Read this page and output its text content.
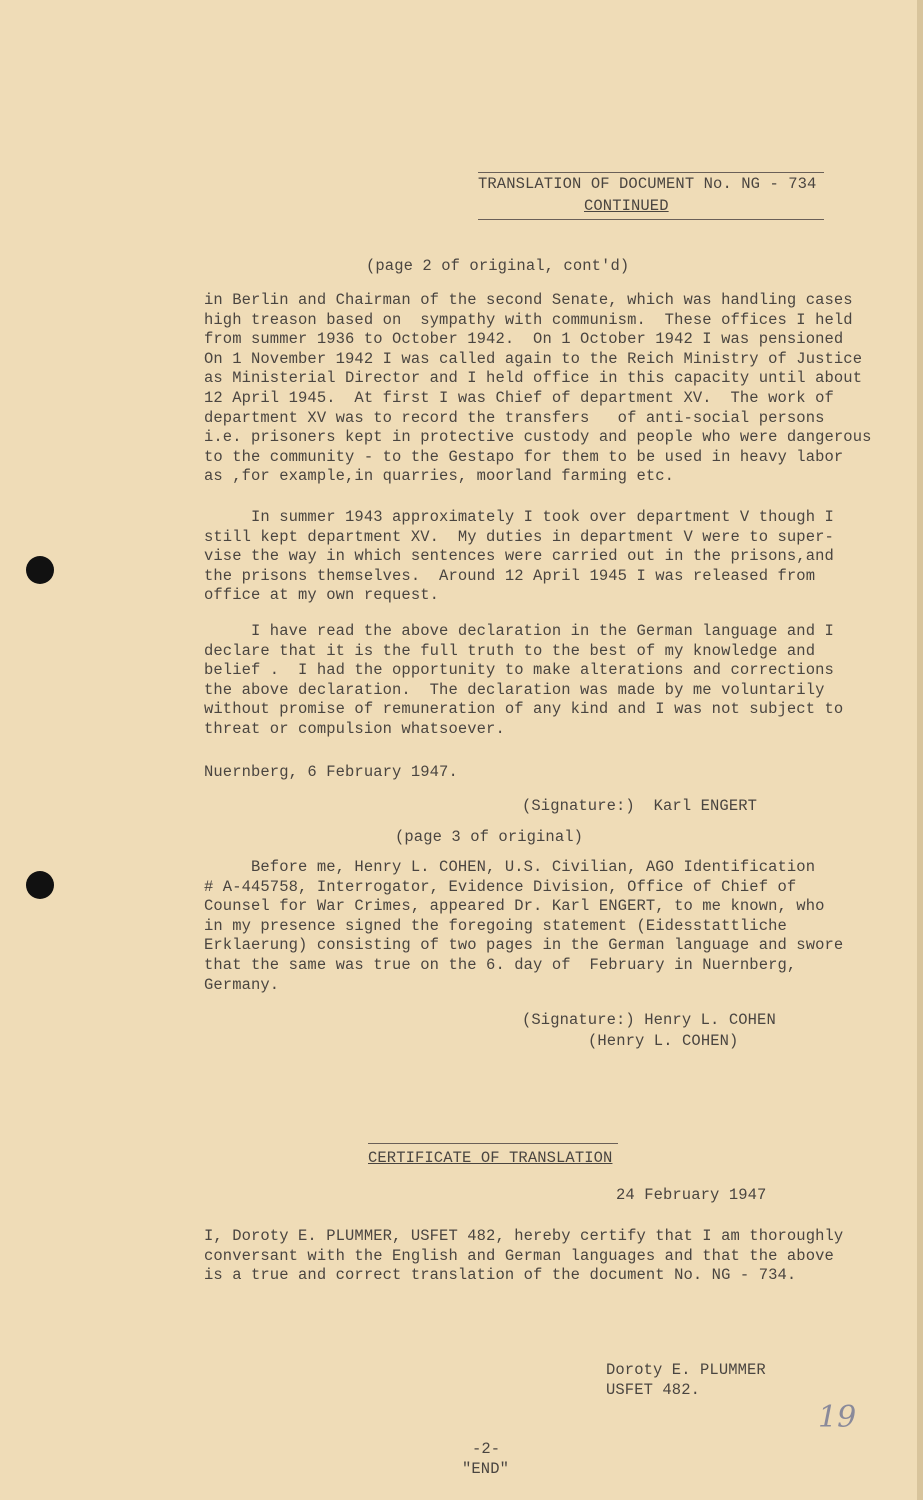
TRANSLATION OF DOCUMENT No. NG - 734
CONTINUED
(page 2 of original, cont'd)
in Berlin and Chairman of the second Senate, which was handling cases
high treason based on  sympathy with communism.  These offices I held
from summer 1936 to October 1942.  On 1 October 1942 I was pensioned
On 1 November 1942 I was called again to the Reich Ministry of Justice
as Ministerial Director and I held office in this capacity until about
12 April 1945.  At first I was Chief of department XV.  The work of
department XV was to record the transfers   of anti-social persons
i.e. prisoners kept in protective custody and people who were dangerous
to the community - to the Gestapo for them to be used in heavy labor
as ,for example,in quarries, moorland farming etc.
In summer 1943 approximately I took over department V though I
still kept department XV.  My duties in department V were to super-
vise the way in which sentences were carried out in the prisons,and
the prisons themselves.  Around 12 April 1945 I was released from
office at my own request.
I have read the above declaration in the German language and I
declare that it is the full truth to the best of my knowledge and
belief .  I had the opportunity to make alterations and corrections
the above declaration.  The declaration was made by me voluntarily
without promise of remuneration of any kind and I was not subject to
threat or compulsion whatsoever.
Nuernberg, 6 February 1947.
(Signature:)  Karl ENGERT
(page 3 of original)
Before me, Henry L. COHEN, U.S. Civilian, AGO Identification
# A-445758, Interrogator, Evidence Division, Office of Chief of
Counsel for War Crimes, appeared Dr. Karl ENGERT, to me known, who
in my presence signed the foregoing statement (Eidesstattliche
Erklaerung) consisting of two pages in the German language and swore
that the same was true on the 6. day of  February in Nuernberg,
Germany.
(Signature:) Henry L. COHEN
(Henry L. COHEN)
CERTIFICATE OF TRANSLATION
24 February 1947
I, Doroty E. PLUMMER, USFET 482, hereby certify that I am thoroughly
conversant with the English and German languages and that the above
is a true and correct translation of the document No. NG - 734.
Doroty E. PLUMMER
USFET 482.
19
-2-
"END"
